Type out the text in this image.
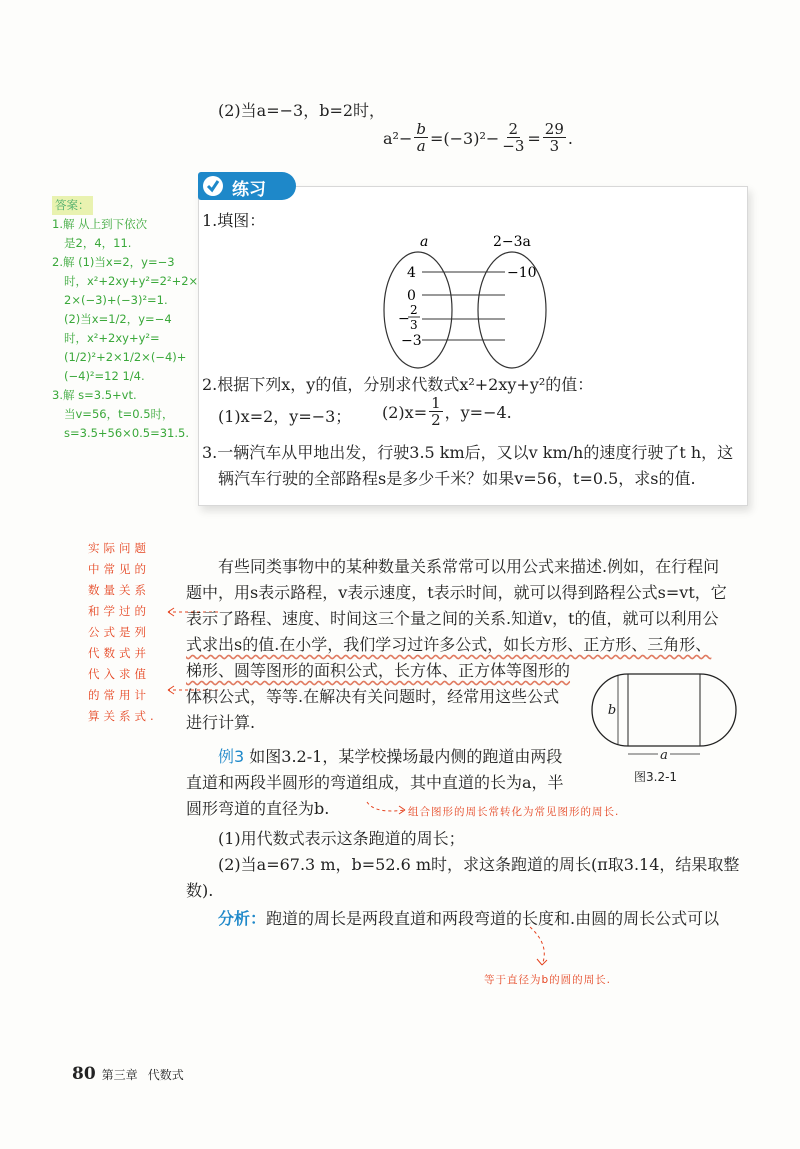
(2)当a=−3，b=2时，
$a^2- \frac{b}{a} =(-3)^2- \frac{2}{-3} = \frac{29}{3}$ .
练习
1.填图：
a	2−3a
4
0
−
2
3
−3
−10
2.根据下列x，y的值，分别求代数式x²+2xy+y²的值：
(1)x=2，y=−3； $(2)x= \frac{1}{2}$ ，y=−4.
3.一辆汽车从甲地出发，行驶3.5 km后，又以v km/h的速度行驶了t h，这
辆汽车行驶的全部路程s是多少千米？如果v=56，t=0.5，求s的值.
答案：
1.解 从上到下依次
是2，4，11.
2.解 (1)当x=2，y=−3
时，x²+2xy+y²=2²+2×
2×(−3)+(−3)²=1.
(2)当x=1/2，y=−4
时，x²+2xy+y²=
(1/2)²+2×1/2×(−4)+
(−4)²=12 1/4.
3.解 s=3.5+vt.
当v=56，t=0.5时，
s=3.5+56×0.5=31.5.
实际问题
中常见的
数量关系
和学过的
公式是列
代数式并
代入求值
的常用计
算关系式.
有些同类事物中的某种数量关系常常可以用公式来描述.例如，在行程问
题中，用s表示路程，v表示速度，t表示时间，就可以得到路程公式s=vt，它
表示了路程、速度、时间这三个量之间的关系.知道v，t的值，就可以利用公
式求出s的值.在小学，我们学习过许多公式，如长方形、正方形、三角形、
梯形、圆等图形的面积公式，长方体、正方体等图形的
体积公式，等等.在解决有关问题时，经常用这些公式
进行计算.
例3 如图3.2-1，某学校操场最内侧的跑道由两段
直道和两段半圆形的弯道组成，其中直道的长为a，半
圆形弯道的直径为b.	组合图形的周长常转化为常见图形的周长.
(1)用代数式表示这条跑道的周长；
(2)当a=67.3 m，b=52.6 m时，求这条跑道的周长(π取3.14，结果取整
数).
分析：跑道的周长是两段直道和两段弯道的长度和.由圆的周长公式可以
等于直径为b的圆的周长.
b
a
图3.2-1
80 第三章 代数式
